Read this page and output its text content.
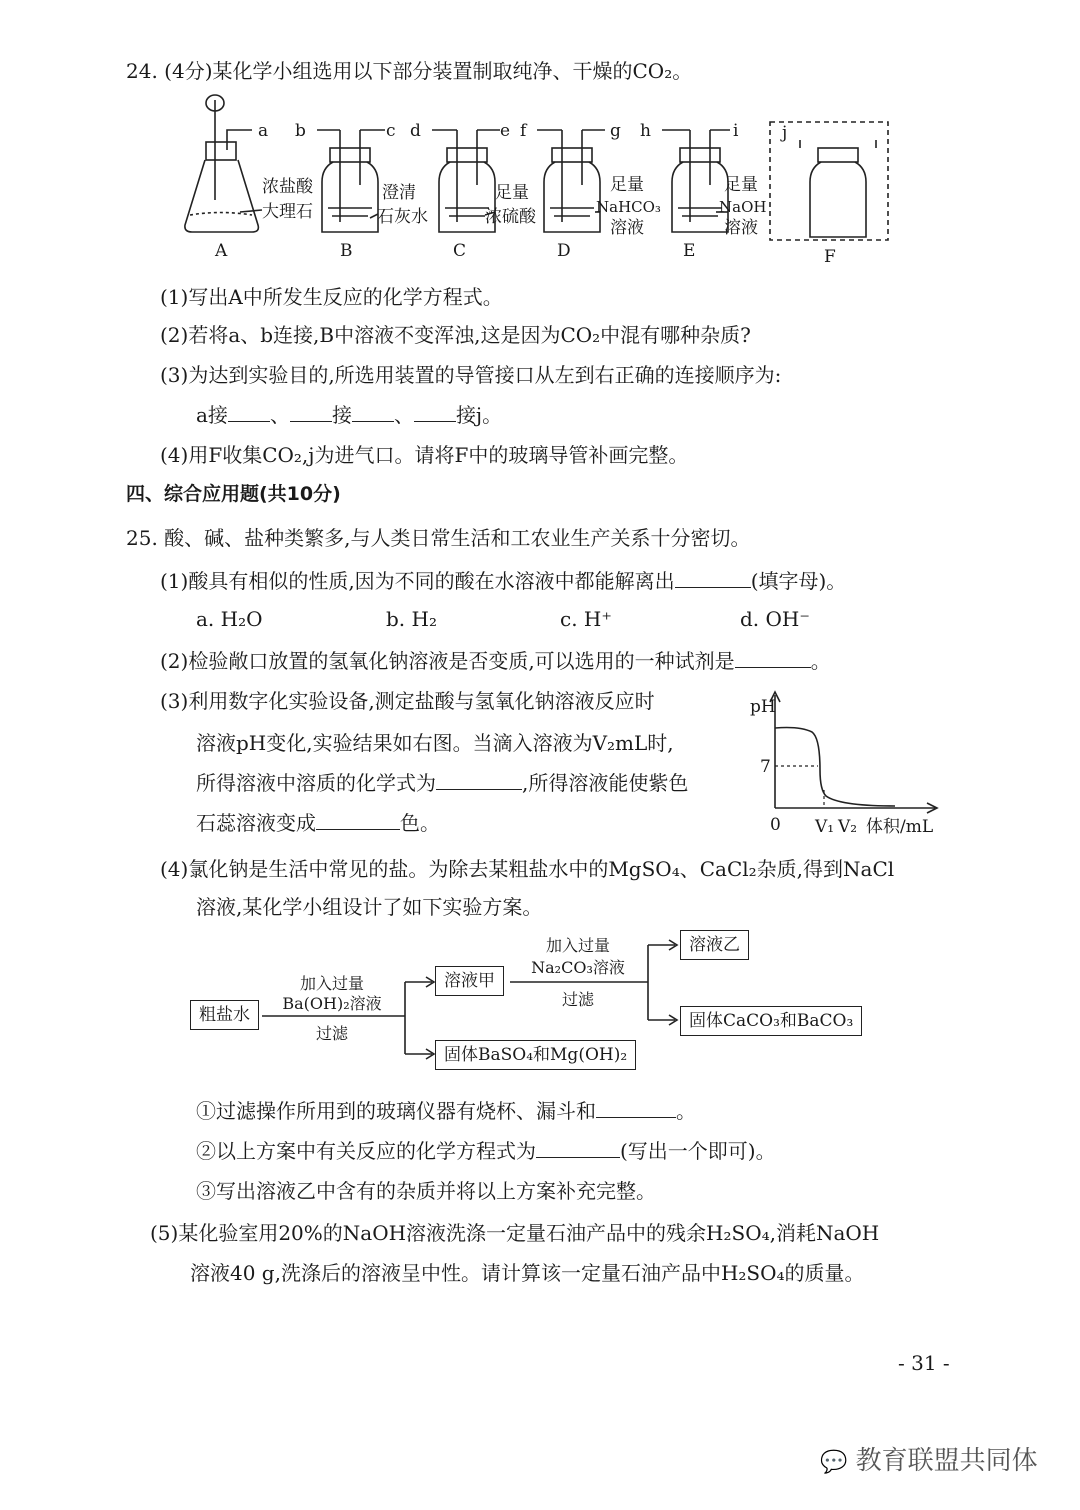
24. (4分)某化学小组选用以下部分装置制取纯净、干燥的CO₂。
a b	c d	e f	g h	i	j
浓盐酸
大理石
澄清
石灰水
足量
浓硫酸
足量
NaHCO₃
溶液
足量
NaOH
溶液
A	B	C	D	E	F
pH
7
0 V₁ V₂ 体积/mL
(1)写出A中所发生反应的化学方程式。
(2)若将a、b连接,B中溶液不变浑浊,这是因为CO₂中混有哪种杂质?
(3)为达到实验目的,所选用装置的导管接口从左到右正确的连接顺序为:
a接 、 接 、 接j。
(4)用F收集CO₂,j为进气口。请将F中的玻璃导管补画完整。
四、综合应用题(共10分)
25. 酸、碱、盐种类繁多,与人类日常生活和工农业生产关系十分密切。
(1)酸具有相似的性质,因为不同的酸在水溶液中都能解离出	(填字母)。
a. H₂O	b. H₂	c. H⁺	d. OH⁻
(2)检验敞口放置的氢氧化钠溶液是否变质,可以选用的一种试剂是	。
(3)利用数字化实验设备,测定盐酸与氢氧化钠溶液反应时
溶液pH变化,实验结果如右图。当滴入溶液为V₂mL时,
所得溶液中溶质的化学式为	,所得溶液能使紫色
石蕊溶液变成	色。
(4)氯化钠是生活中常见的盐。为除去某粗盐水中的MgSO₄、CaCl₂杂质,得到NaCl
溶液,某化学小组设计了如下实验方案。
粗盐水
加入过量
Ba(OH)₂溶液
过滤
溶液甲
固体BaSO₄和Mg(OH)₂
加入过量
Na₂CO₃溶液
过滤
溶液乙
固体CaCO₃和BaCO₃
①过滤操作所用到的玻璃仪器有烧杯、漏斗和	。
②以上方案中有关反应的化学方程式为	(写出一个即可)。
③写出溶液乙中含有的杂质并将以上方案补充完整。
(5)某化验室用20%的NaOH溶液洗涤一定量石油产品中的残余H₂SO₄,消耗NaOH
溶液40 g,洗涤后的溶液呈中性。请计算该一定量石油产品中H₂SO₄的质量。
- 31 -
💬 教育联盟共同体
